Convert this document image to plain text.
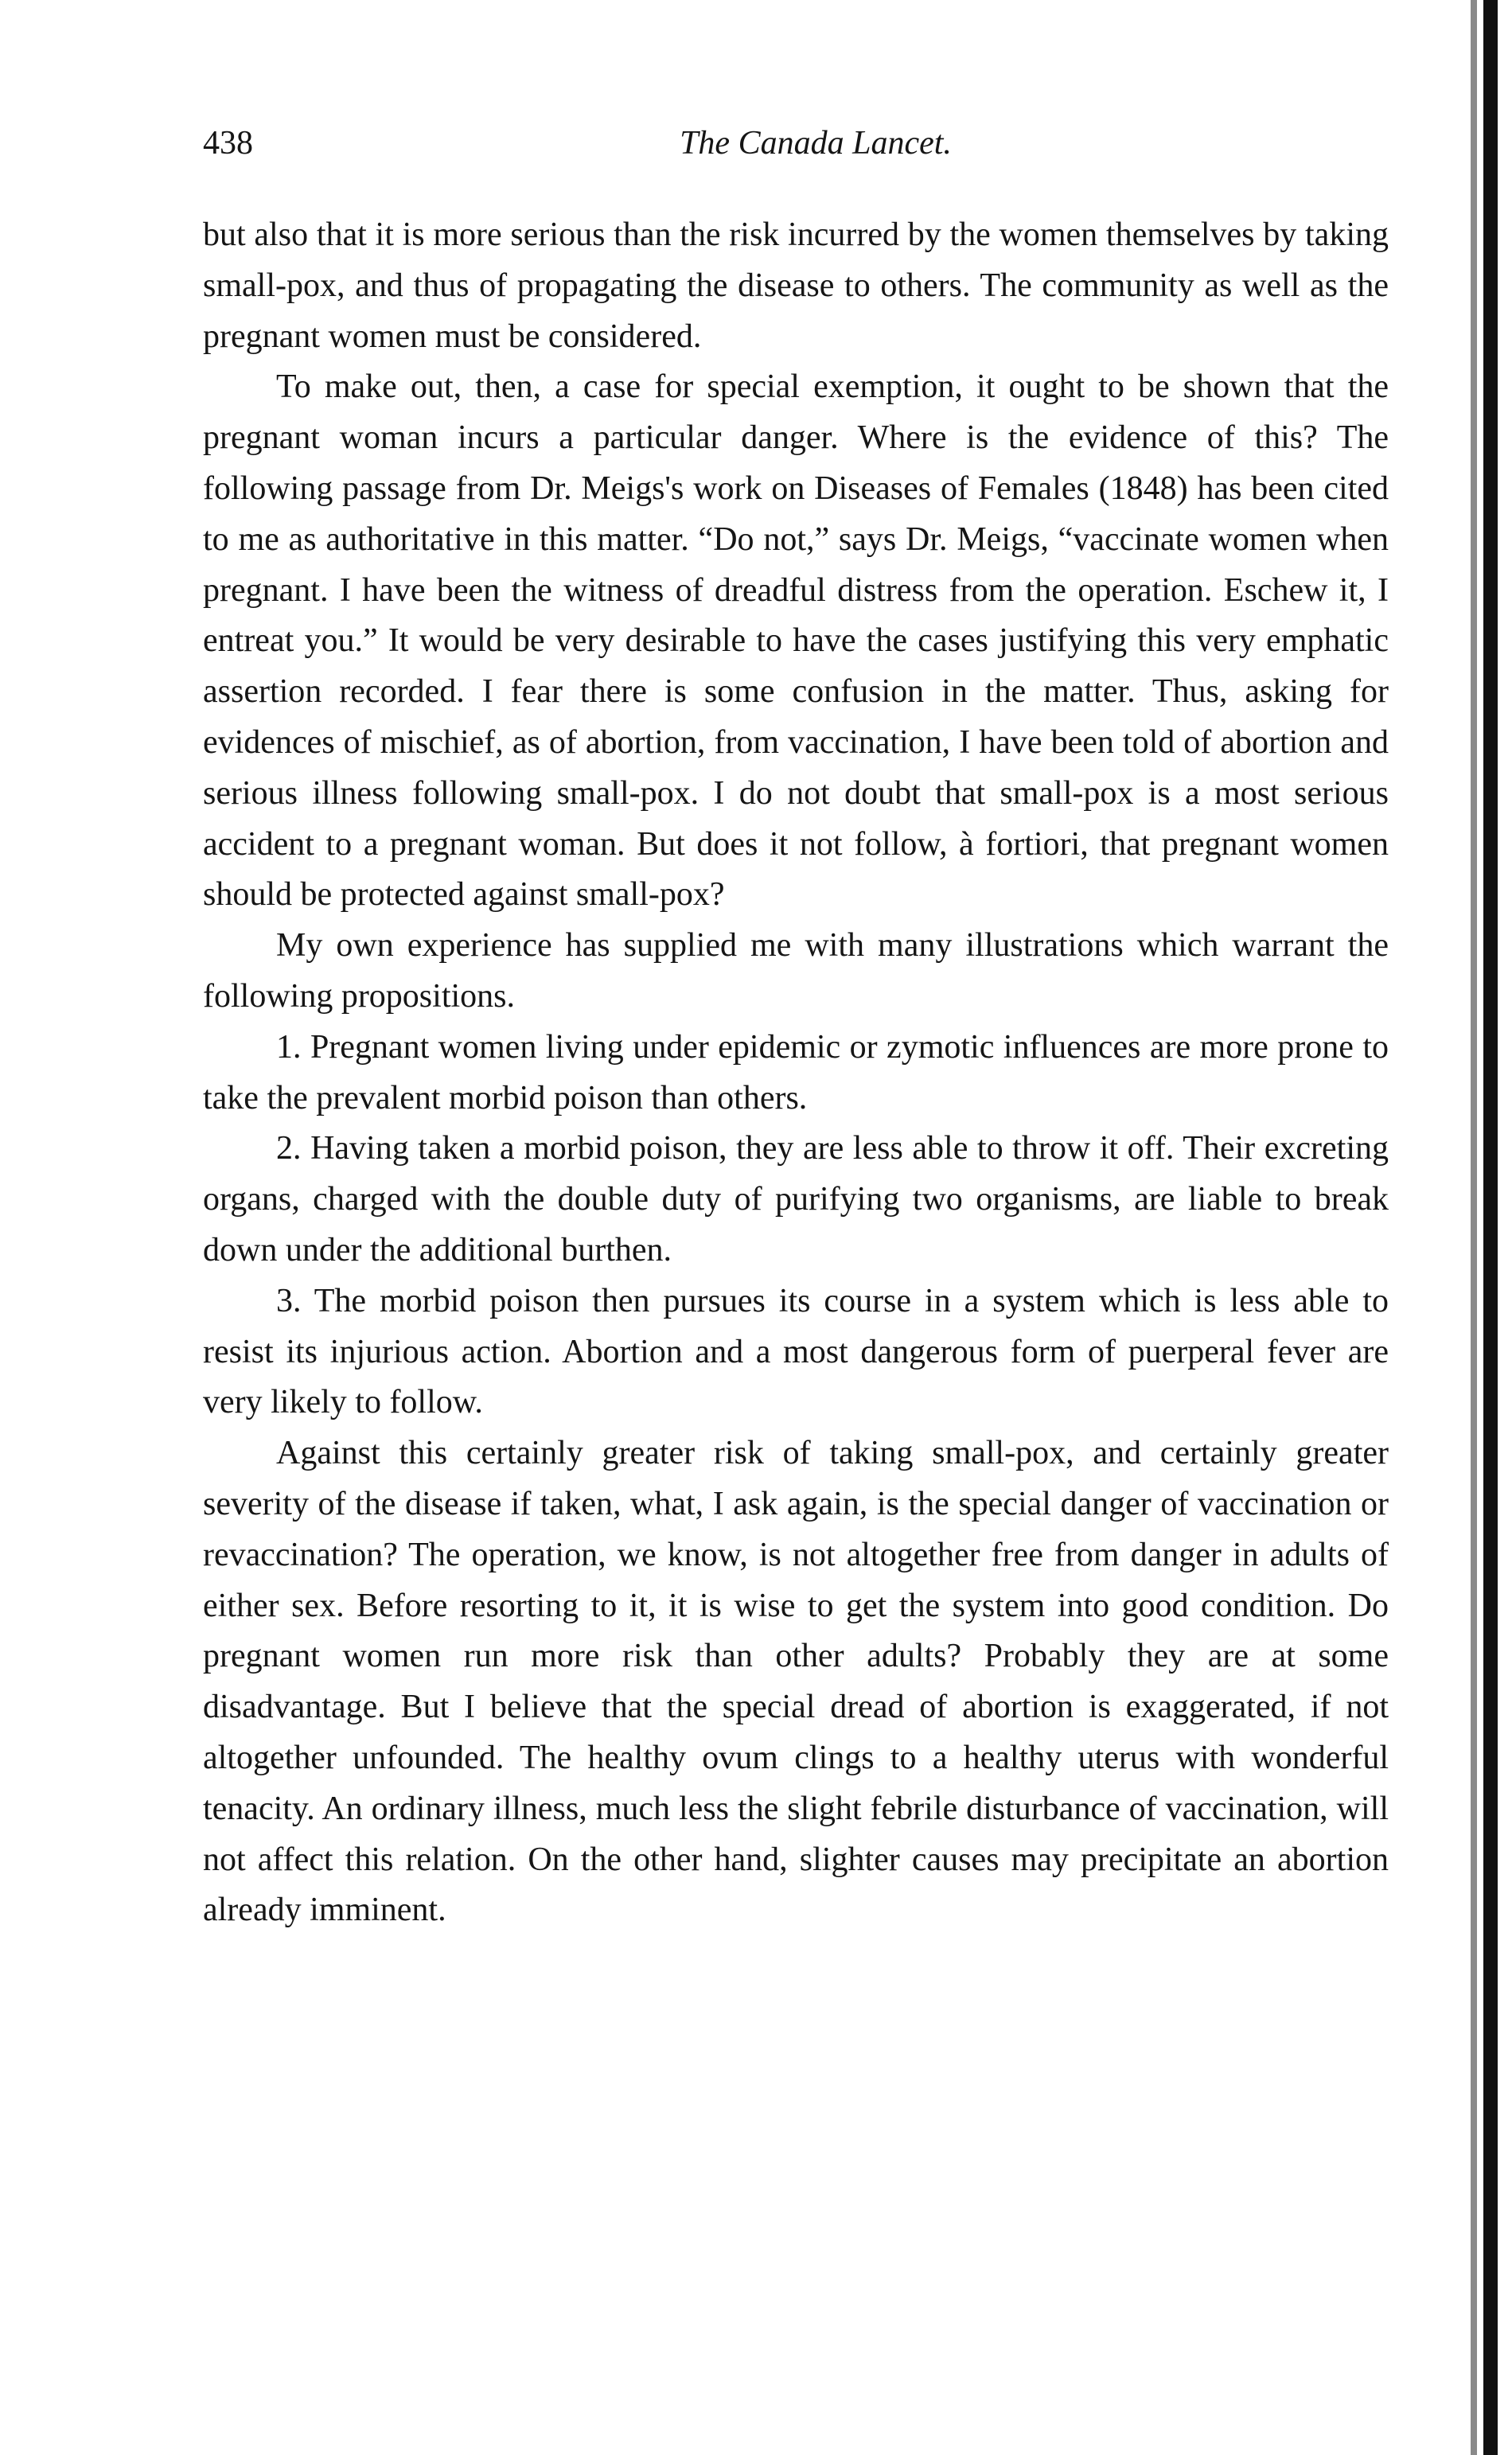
438	The Canada Lancet.

but also that it is more serious than the risk incurred by the women themselves by taking small-pox, and thus of propagating the disease to others. The community as well as the pregnant women must be considered.

To make out, then, a case for special exemption, it ought to be shown that the pregnant woman incurs a particular danger. Where is the evidence of this? The following passage from Dr. Meigs's work on Diseases of Females (1848) has been cited to me as authoritative in this matter. “Do not,” says Dr. Meigs, “vaccinate women when pregnant. I have been the witness of dreadful distress from the operation. Eschew it, I entreat you.” It would be very desirable to have the cases justifying this very emphatic assertion recorded. I fear there is some confusion in the matter. Thus, asking for evidences of mischief, as of abortion, from vaccination, I have been told of abortion and serious illness following small-pox. I do not doubt that small-pox is a most serious accident to a pregnant woman. But does it not follow, à fortiori, that pregnant women should be protected against small-pox?

My own experience has supplied me with many illustrations which warrant the following propositions.

1. Pregnant women living under epidemic or zymotic influences are more prone to take the prevalent morbid poison than others.

2. Having taken a morbid poison, they are less able to throw it off. Their excreting organs, charged with the double duty of purifying two organisms, are liable to break down under the additional burthen.

3. The morbid poison then pursues its course in a system which is less able to resist its injurious action. Abortion and a most dangerous form of puerperal fever are very likely to follow.

Against this certainly greater risk of taking small-pox, and certainly greater severity of the disease if taken, what, I ask again, is the special danger of vaccination or revaccination? The operation, we know, is not altogether free from danger in adults of either sex. Before resorting to it, it is wise to get the system into good condition. Do pregnant women run more risk than other adults? Probably they are at some disadvantage. But I believe that the special dread of abortion is exaggerated, if not altogether unfounded. The healthy ovum clings to a healthy uterus with wonderful tenacity. An ordinary illness, much less the slight febrile disturbance of vaccination, will not affect this relation. On the other hand, slighter causes may precipitate an abortion already imminent.
